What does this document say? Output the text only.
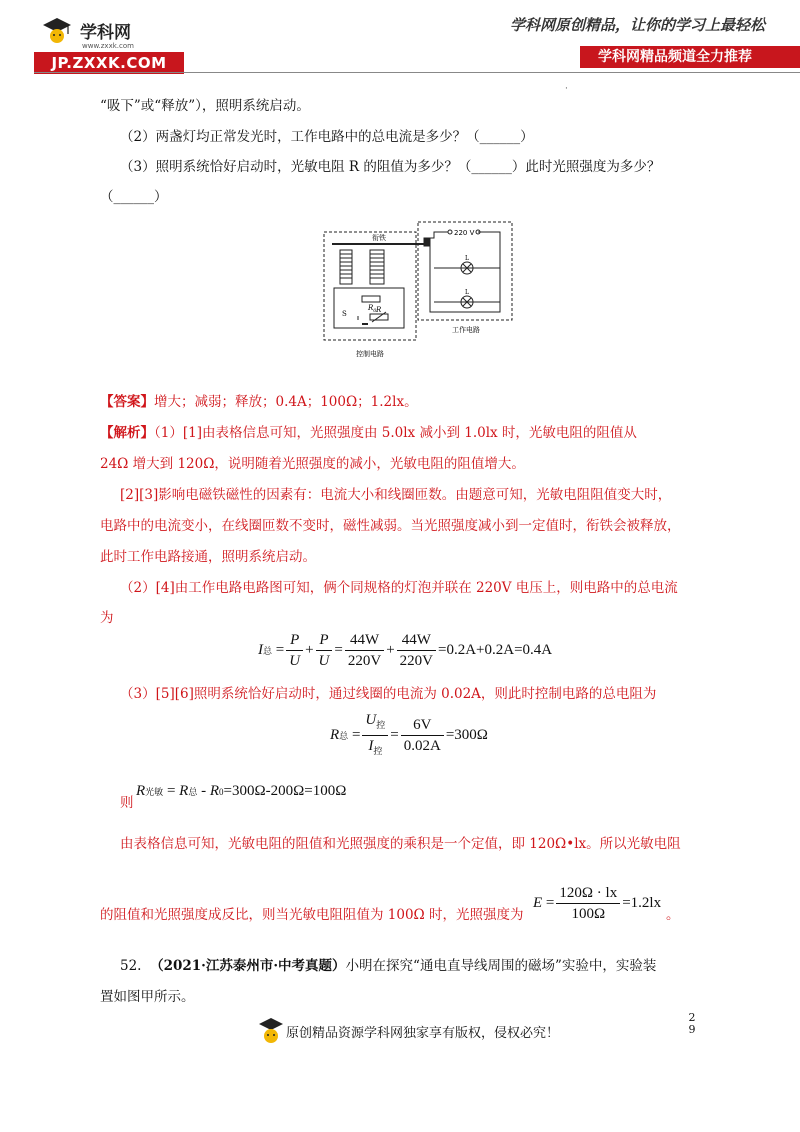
学科网
www.zxxk.com
JP.ZXXK.COM
学科网原创精品，让你的学习上最轻松
学科网精品频道全力推荐
·
“吸下”或“释放”），照明系统启动。
（2）两盏灯均正常发光时，工作电路中的总电流是多少？（______）
（3）照明系统恰好启动时，光敏电阻 R 的阻值为多少？（______）此时光照强度为多少？
（______）
衔铁
220 V
L
L
S
$R_0$ R
控制电路
工作电路
【答案】增大；减弱；释放；0.4A；100Ω；1.2lx。
【解析】（1）[1]由表格信息可知，光照强度由 5.0lx 减小到 1.0lx 时，光敏电阻的阻值从
24Ω 增大到 120Ω，说明随着光照强度的减小，光敏电阻的阻值增大。
[2][3]影响电磁铁磁性的因素有：电流大小和线圈匝数。由题意可知，光敏电阻阻值变大时，
电路中的电流变小，在线圈匝数不变时，磁性减弱。当光照强度减小到一定值时，衔铁会被释放，
此时工作电路接通，照明系统启动。
（2）[4]由工作电路电路图可知，俩个同规格的灯泡并联在 220V 电压上，则电路中的总电流
为
I 总 = $\frac{P}{U} + \frac{P}{U} = \frac{44W}{220V} + \frac{44W}{220V} =0.2A+0.2A=0.4A$
（3）[5][6]照明系统恰好启动时，通过线圈的电流为 0.02A，则此时控制电路的总电阻为
R 总 = $\frac{U_控}{I_控} = \frac{6V}{0.02A} =300\Omega$
则
R 光敏 = R 总 - R 0 =300Ω-200Ω=100Ω
由表格信息可知，光敏电阻的阻值和光照强度的乘积是一个定值，即 120Ω•lx。所以光敏电阻
的阻值和光照强度成反比，则当光敏电阻阻值为 100Ω 时，光照强度为
$E = \frac{120\Omega \cdot lx}{100\Omega} =1.2lx$
。
52. （2021·江苏泰州市·中考真题）小明在探究“通电直导线周围的磁场”实验中，实验装
置如图甲所示。
原创精品资源学科网独家享有版权，侵权必究！
2
9
